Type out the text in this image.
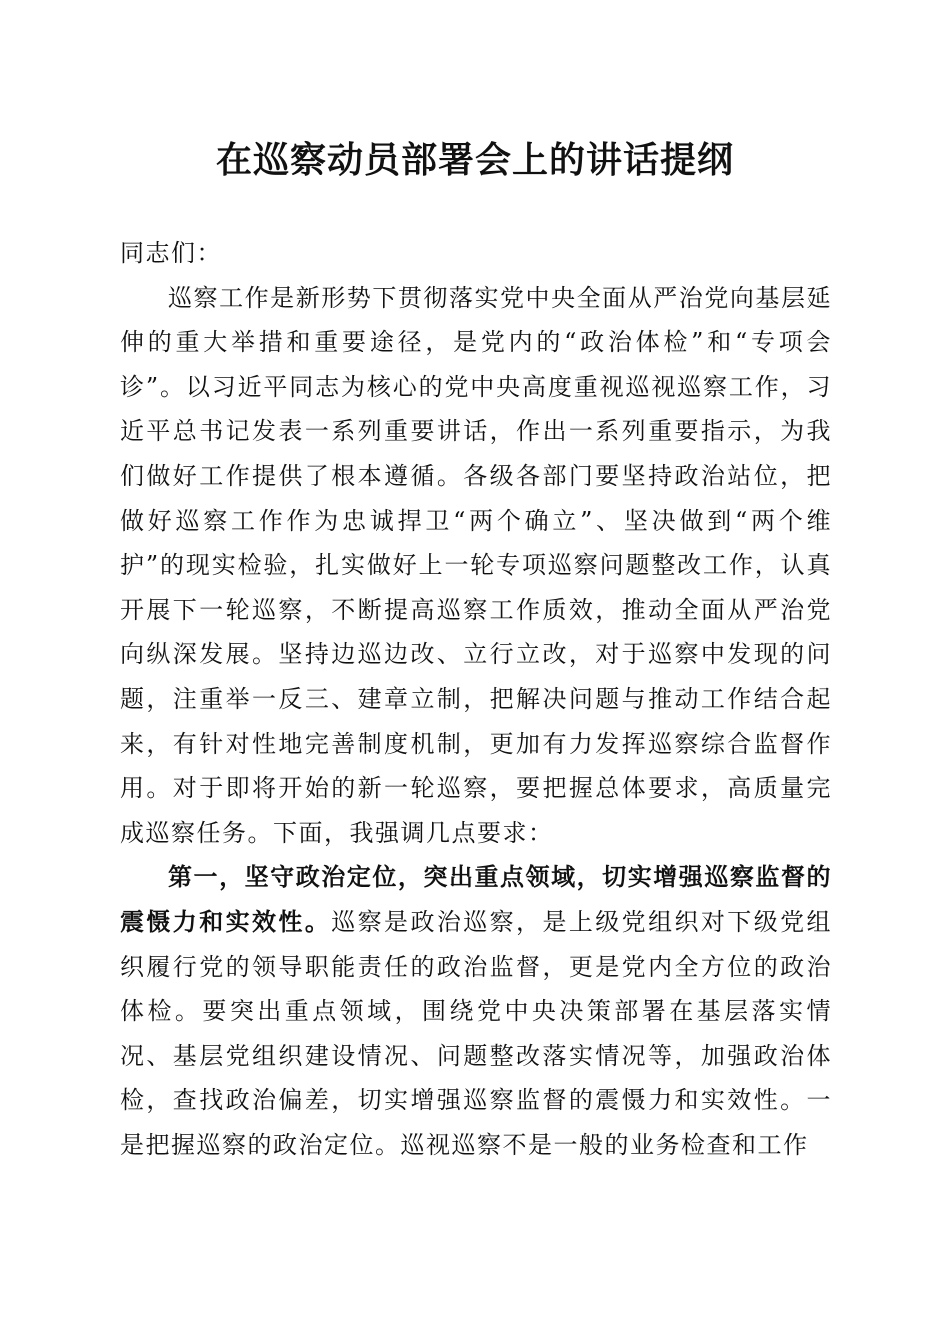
在巡察动员部署会上的讲话提纲

同志们：

巡察工作是新形势下贯彻落实党中央全面从严治党向基层延伸的重大举措和重要途径，是党内的“政治体检”和“专项会诊”。以习近平同志为核心的党中央高度重视巡视巡察工作，习近平总书记发表一系列重要讲话，作出一系列重要指示，为我们做好工作提供了根本遵循。各级各部门要坚持政治站位，把做好巡察工作作为忠诚捍卫“两个确立”、坚决做到“两个维护”的现实检验，扎实做好上一轮专项巡察问题整改工作，认真开展下一轮巡察，不断提高巡察工作质效，推动全面从严治党向纵深发展。坚持边巡边改、立行立改，对于巡察中发现的问题，注重举一反三、建章立制，把解决问题与推动工作结合起来，有针对性地完善制度机制，更加有力发挥巡察综合监督作用。对于即将开始的新一轮巡察，要把握总体要求，高质量完成巡察任务。下面，我强调几点要求：

第一，坚守政治定位，突出重点领域，切实增强巡察监督的震慑力和实效性。巡察是政治巡察，是上级党组织对下级党组织履行党的领导职能责任的政治监督，更是党内全方位的政治体检。要突出重点领域，围绕党中央决策部署在基层落实情况、基层党组织建设情况、问题整改落实情况等，加强政治体检，查找政治偏差，切实增强巡察监督的震慑力和实效性。一是把握巡察的政治定位。巡视巡察不是一般的业务检查和工作
